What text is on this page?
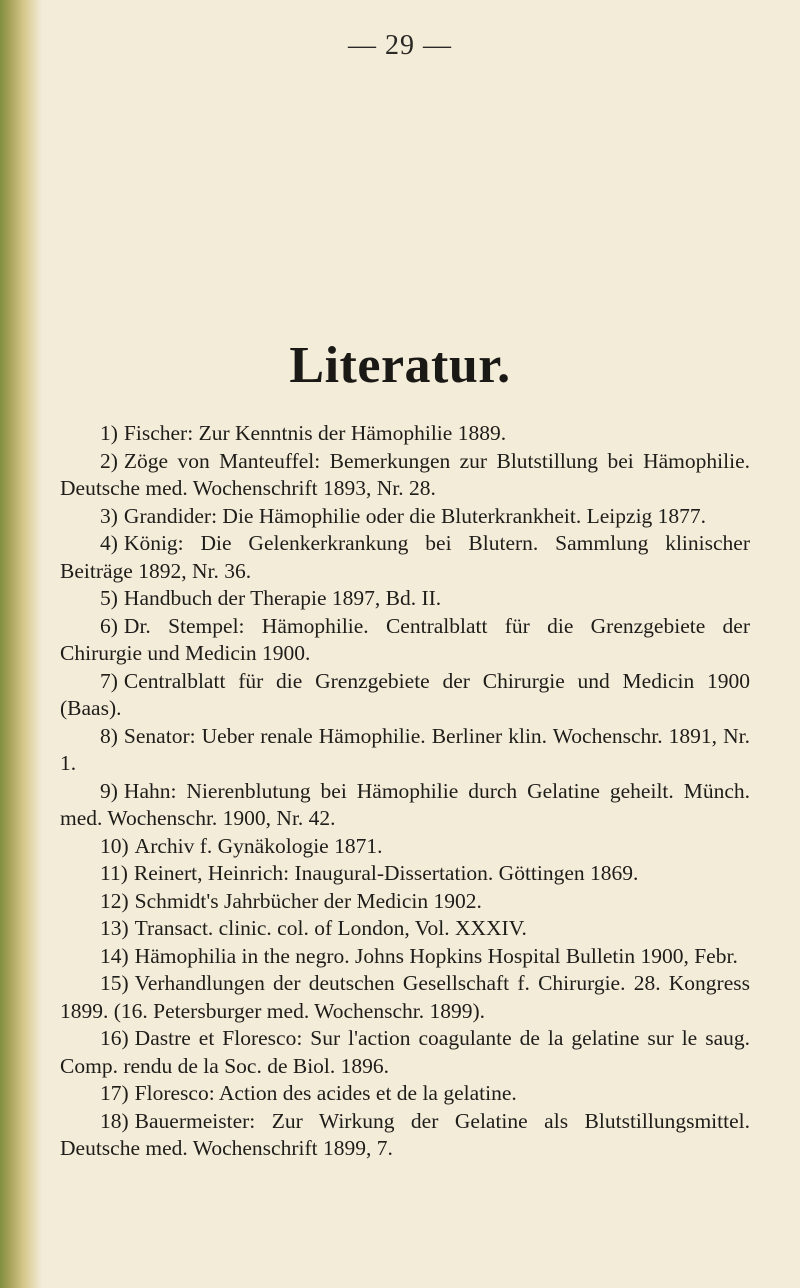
— 29 —
Literatur.
1) Fischer: Zur Kenntnis der Hämophilie 1889.
2) Zöge von Manteuffel: Bemerkungen zur Blutstillung bei Hämophilie. Deutsche med. Wochenschrift 1893, Nr. 28.
3) Grandider: Die Hämophilie oder die Bluterkrankheit. Leipzig 1877.
4) König: Die Gelenkerkrankung bei Blutern. Sammlung klinischer Beiträge 1892, Nr. 36.
5) Handbuch der Therapie 1897, Bd. II.
6) Dr. Stempel: Hämophilie. Centralblatt für die Grenzgebiete der Chirurgie und Medicin 1900.
7) Centralblatt für die Grenzgebiete der Chirurgie und Medicin 1900 (Baas).
8) Senator: Ueber renale Hämophilie. Berliner klin. Wochenschr. 1891, Nr. 1.
9) Hahn: Nierenblutung bei Hämophilie durch Gelatine geheilt. Münch. med. Wochenschr. 1900, Nr. 42.
10) Archiv f. Gynäkologie 1871.
11) Reinert, Heinrich: Inaugural-Dissertation. Göttingen 1869.
12) Schmidt's Jahrbücher der Medicin 1902.
13) Transact. clinic. col. of London, Vol. XXXIV.
14) Hämophilia in the negro. Johns Hopkins Hospital Bulletin 1900, Febr.
15) Verhandlungen der deutschen Gesellschaft f. Chirurgie. 28. Kongress 1899. (16. Petersburger med. Wochenschr. 1899).
16) Dastre et Floresco: Sur l'action coagulante de la gelatine sur le saug. Comp. rendu de la Soc. de Biol. 1896.
17) Floresco: Action des acides et de la gelatine.
18) Bauermeister: Zur Wirkung der Gelatine als Blutstillungsmittel. Deutsche med. Wochenschrift 1899, 7.
